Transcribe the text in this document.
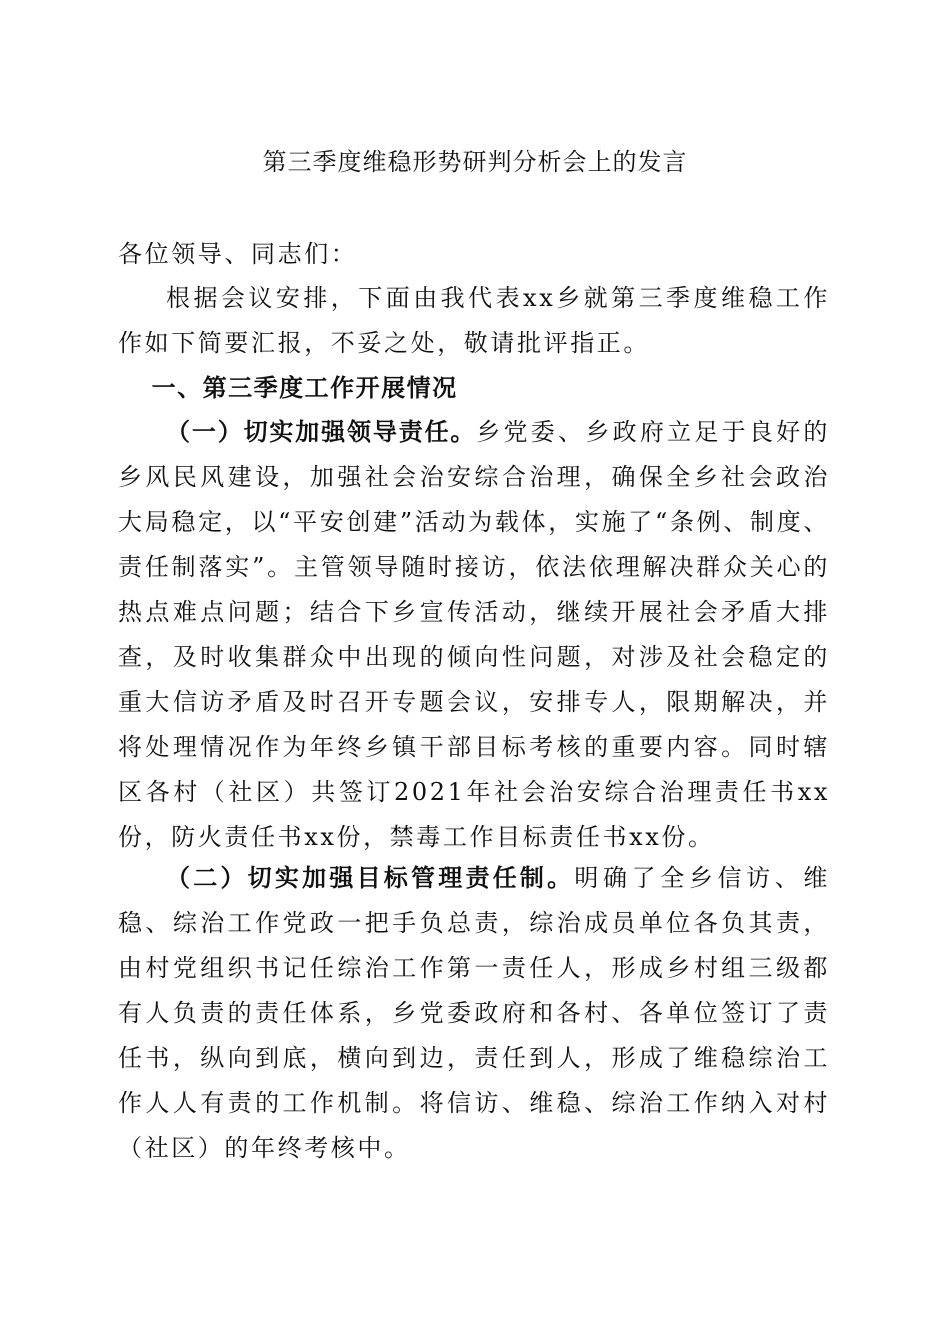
第三季度维稳形势研判分析会上的发言
各位领导、同志们：
根据会议安排，下面由我代表xx乡就第三季度维稳工作作如下简要汇报，不妥之处，敬请批评指正。
一、第三季度工作开展情况
（一）切实加强领导责任。乡党委、乡政府立足于良好的乡风民风建设，加强社会治安综合治理，确保全乡社会政治大局稳定，以“平安创建”活动为载体，实施了“条例、制度、责任制落实”。主管领导随时接访，依法依理解决群众关心的热点难点问题；结合下乡宣传活动，继续开展社会矛盾大排查，及时收集群众中出现的倾向性问题，对涉及社会稳定的重大信访矛盾及时召开专题会议，安排专人，限期解决，并将处理情况作为年终乡镇干部目标考核的重要内容。同时辖区各村（社区）共签订2021年社会治安综合治理责任书xx份，防火责任书xx份，禁毒工作目标责任书xx份。
（二）切实加强目标管理责任制。明确了全乡信访、维稳、综治工作党政一把手负总责，综治成员单位各负其责，由村党组织书记任综治工作第一责任人，形成乡村组三级都有人负责的责任体系，乡党委政府和各村、各单位签订了责任书，纵向到底，横向到边，责任到人，形成了维稳综治工作人人有责的工作机制。将信访、维稳、综治工作纳入对村（社区）的年终考核中。
